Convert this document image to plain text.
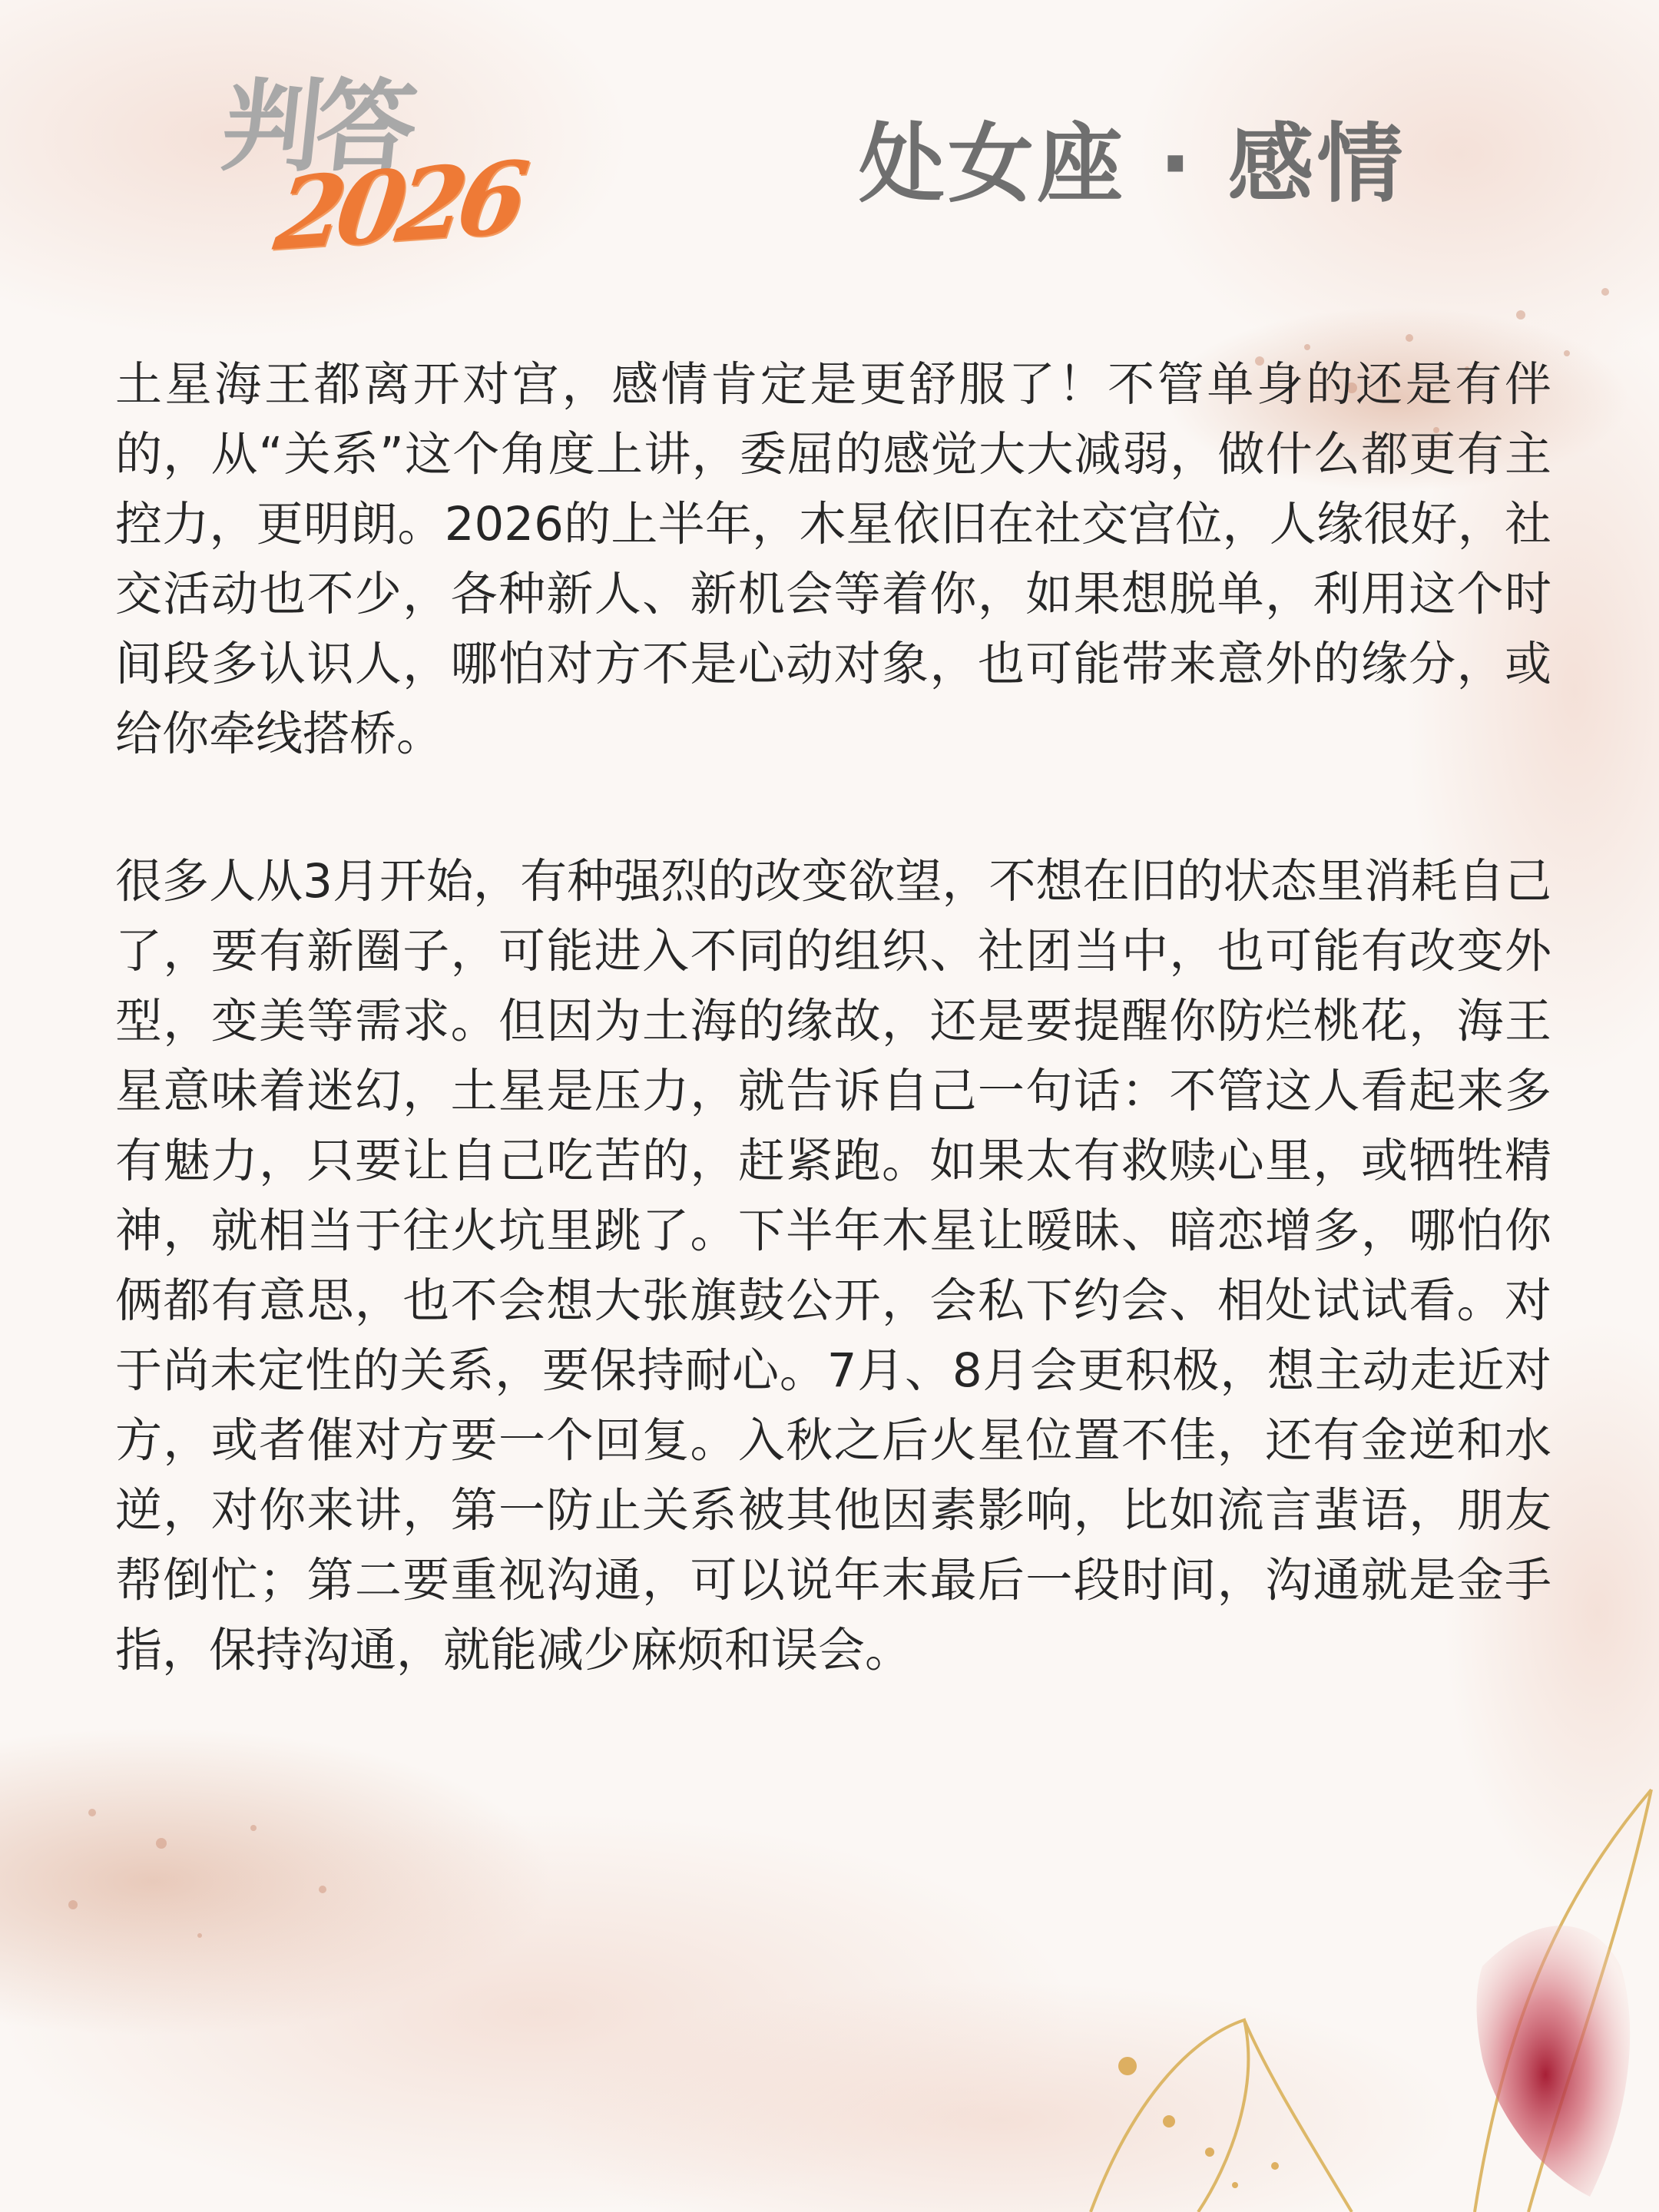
判答
2026	处女座 · 感情

土星海王都离开对宫，感情肯定是更舒服了！不管单身的还是有伴的，从“关系”这个角度上讲，委屈的感觉大大减弱，做什么都更有主控力，更明朗。2026的上半年，木星依旧在社交宫位，人缘很好，社交活动也不少，各种新人、新机会等着你，如果想脱单，利用这个时间段多认识人，哪怕对方不是心动对象，也可能带来意外的缘分，或给你牵线搭桥。

很多人从3月开始，有种强烈的改变欲望，不想在旧的状态里消耗自己了，要有新圈子，可能进入不同的组织、社团当中，也可能有改变外型，变美等需求。但因为土海的缘故，还是要提醒你防烂桃花，海王星意味着迷幻，土星是压力，就告诉自己一句话：不管这人看起来多有魅力，只要让自己吃苦的，赶紧跑。如果太有救赎心里，或牺牲精神，就相当于往火坑里跳了。下半年木星让暧昧、暗恋增多，哪怕你俩都有意思，也不会想大张旗鼓公开，会私下约会、相处试试看。对于尚未定性的关系，要保持耐心。7月、8月会更积极，想主动走近对方，或者催对方要一个回复。入秋之后火星位置不佳，还有金逆和水逆，对你来讲，第一防止关系被其他因素影响，比如流言蜚语，朋友帮倒忙；第二要重视沟通，可以说年末最后一段时间，沟通就是金手指，保持沟通，就能减少麻烦和误会。
